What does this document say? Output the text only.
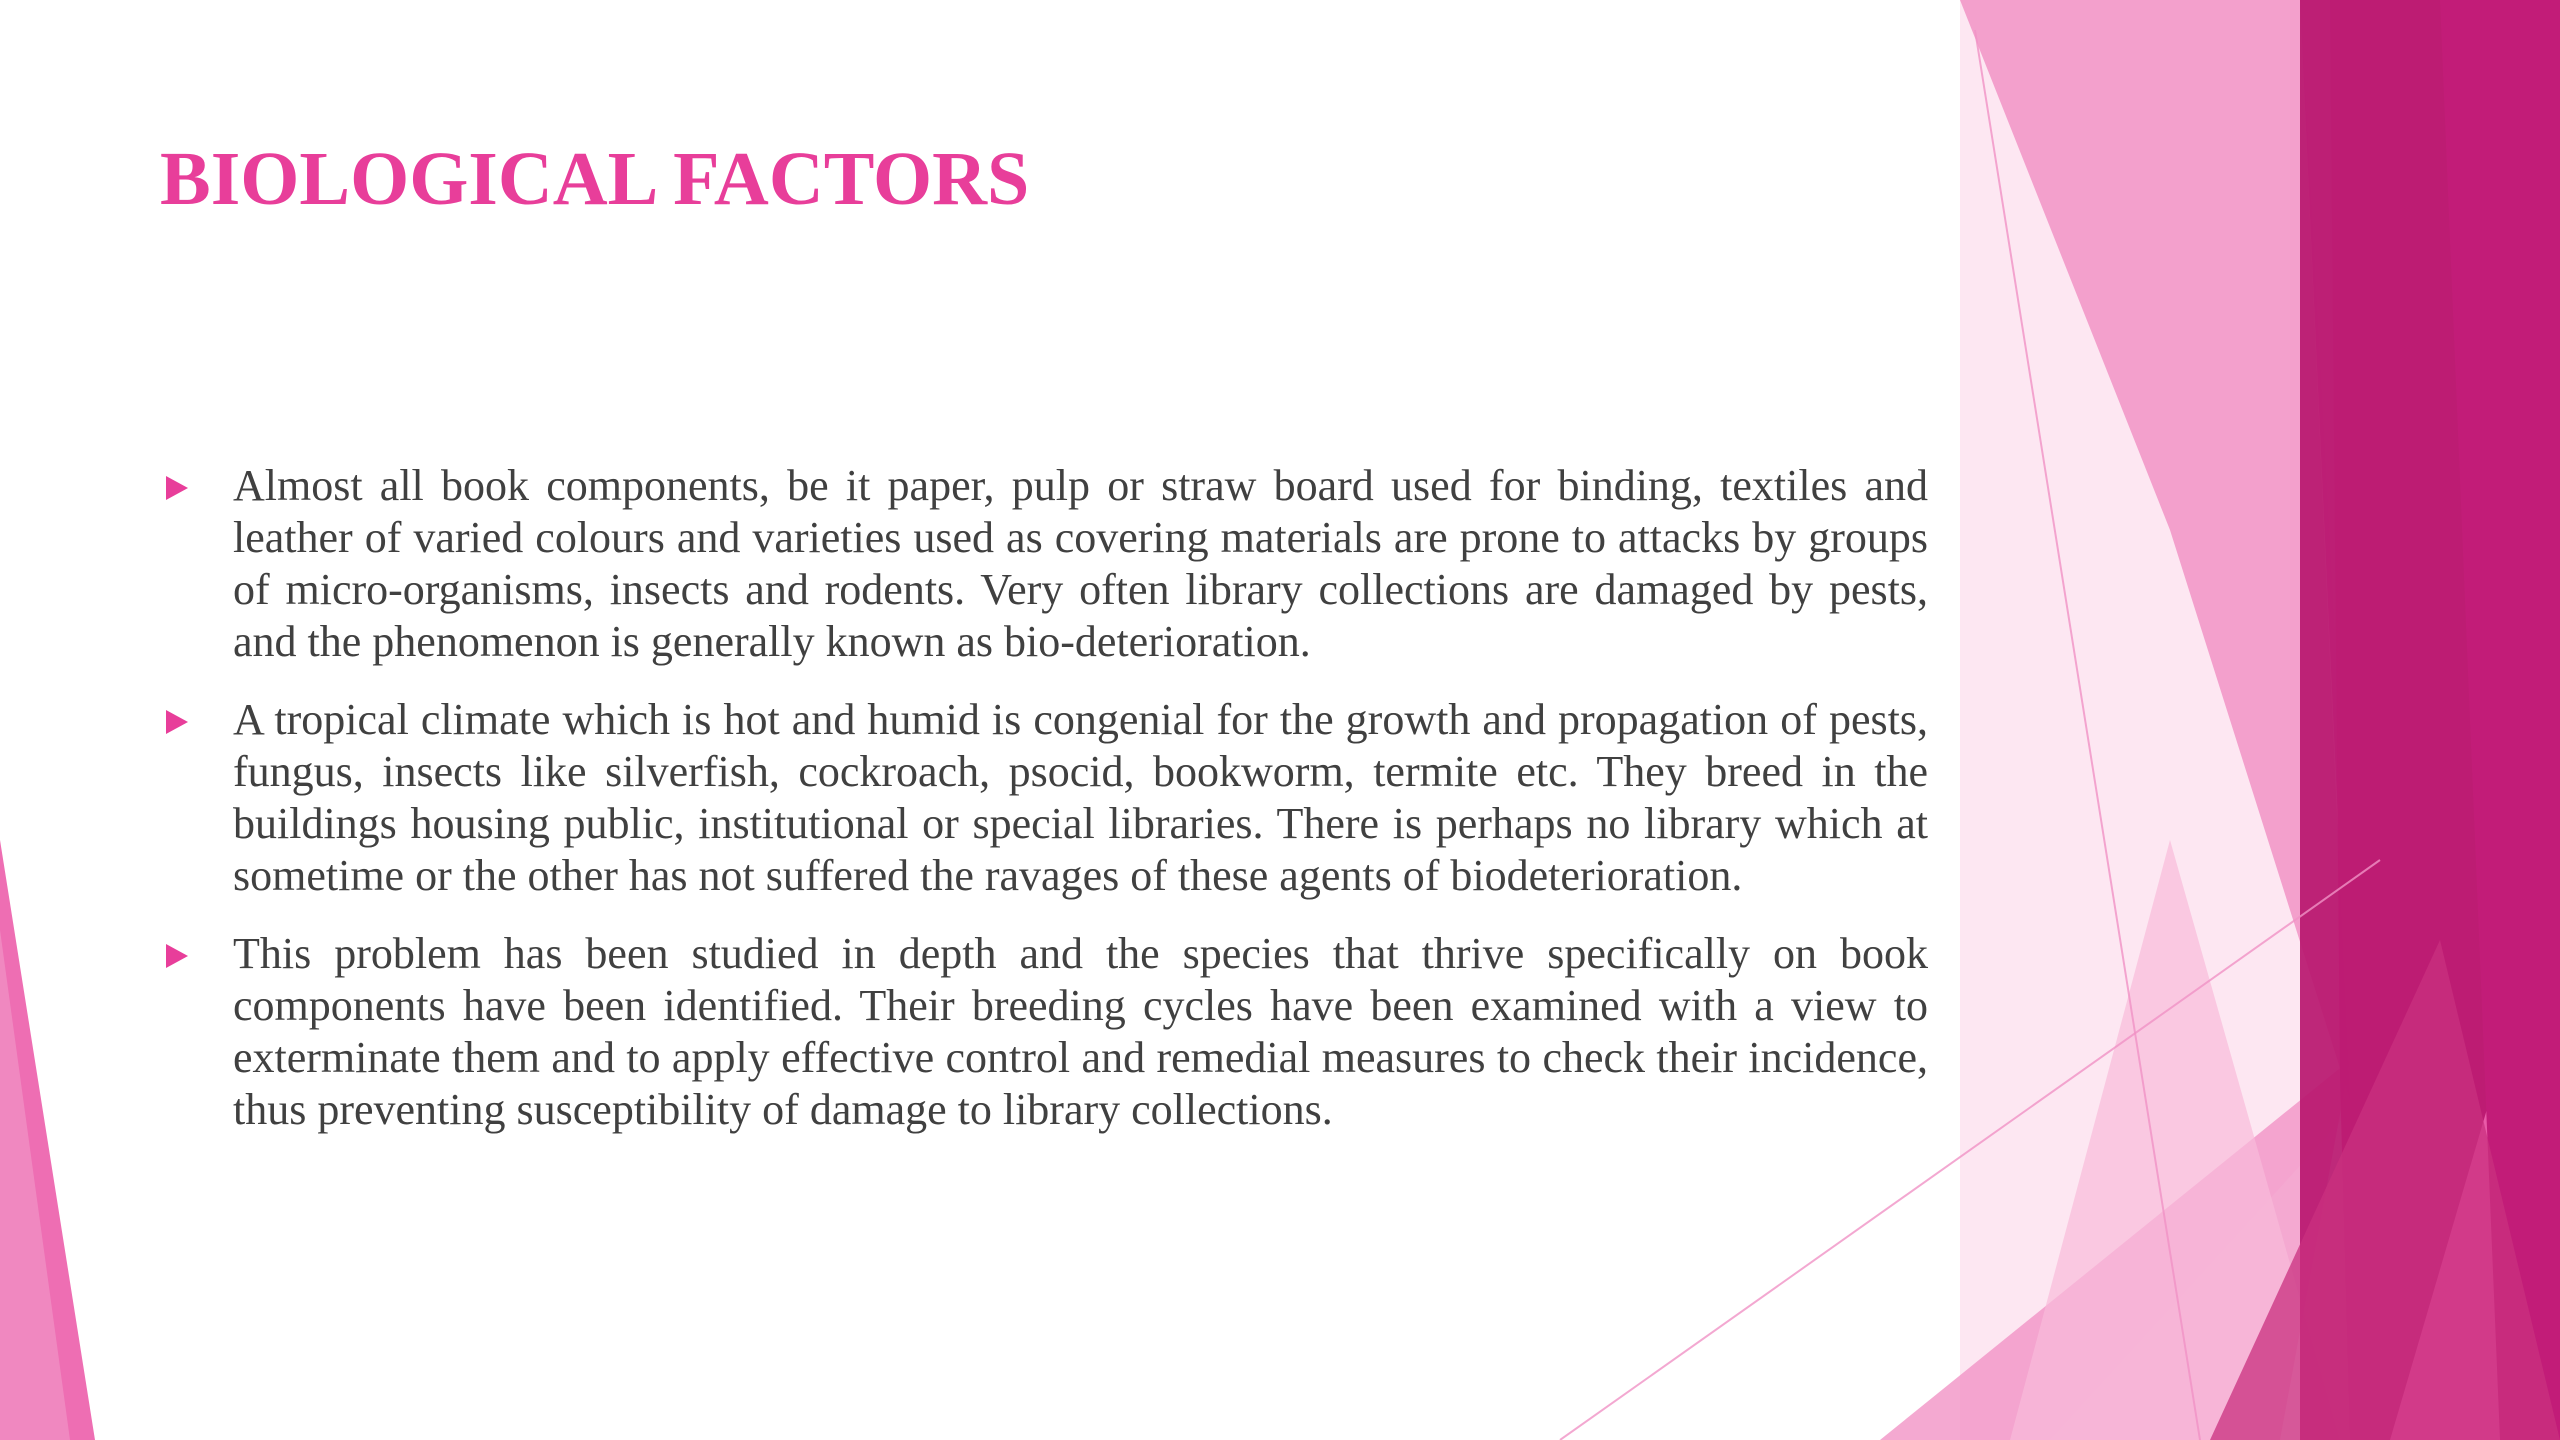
BIOLOGICAL FACTORS
Almost all book components, be it paper, pulp or straw board used for binding, textiles and leather of varied colours and varieties used as covering materials are prone to attacks by groups of micro-organisms, insects and rodents. Very often library collections are damaged by pests, and the phenomenon is generally known as bio-deterioration.
A tropical climate which is hot and humid is congenial for the growth and propagation of pests, fungus, insects like silverfish, cockroach, psocid, bookworm, termite etc. They breed in the buildings housing public, institutional or special libraries. There is perhaps no library which at sometime or the other has not suffered the ravages of these agents of biodeterioration.
This problem has been studied in depth and the species that thrive specifically on book components have been identified. Their breeding cycles have been examined with a view to exterminate them and to apply effective control and remedial measures to check their incidence, thus preventing susceptibility of damage to library collections.
